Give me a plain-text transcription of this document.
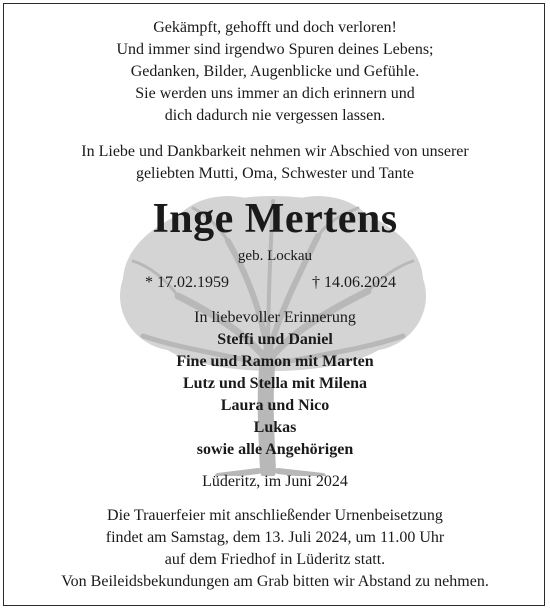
Gekämpft, gehofft und doch verloren!
Und immer sind irgendwo Spuren deines Lebens;
Gedanken, Bilder, Augenblicke und Gefühle.
Sie werden uns immer an dich erinnern und
dich dadurch nie vergessen lassen.
In Liebe und Dankbarkeit nehmen wir Abschied von unserer
geliebten Mutti, Oma, Schwester und Tante
Inge Mertens
geb. Lockau
* 17.02.1959	† 14.06.2024
In liebevoller Erinnerung
Steffi und Daniel
Fine und Ramon mit Marten
Lutz und Stella mit Milena
Laura und Nico
Lukas
sowie alle Angehörigen
Lüderitz, im Juni 2024
Die Trauerfeier mit anschließender Urnenbeisetzung
findet am Samstag, dem 13. Juli 2024, um 11.00 Uhr
auf dem Friedhof in Lüderitz statt.
Von Beileidsbekundungen am Grab bitten wir Abstand zu nehmen.
